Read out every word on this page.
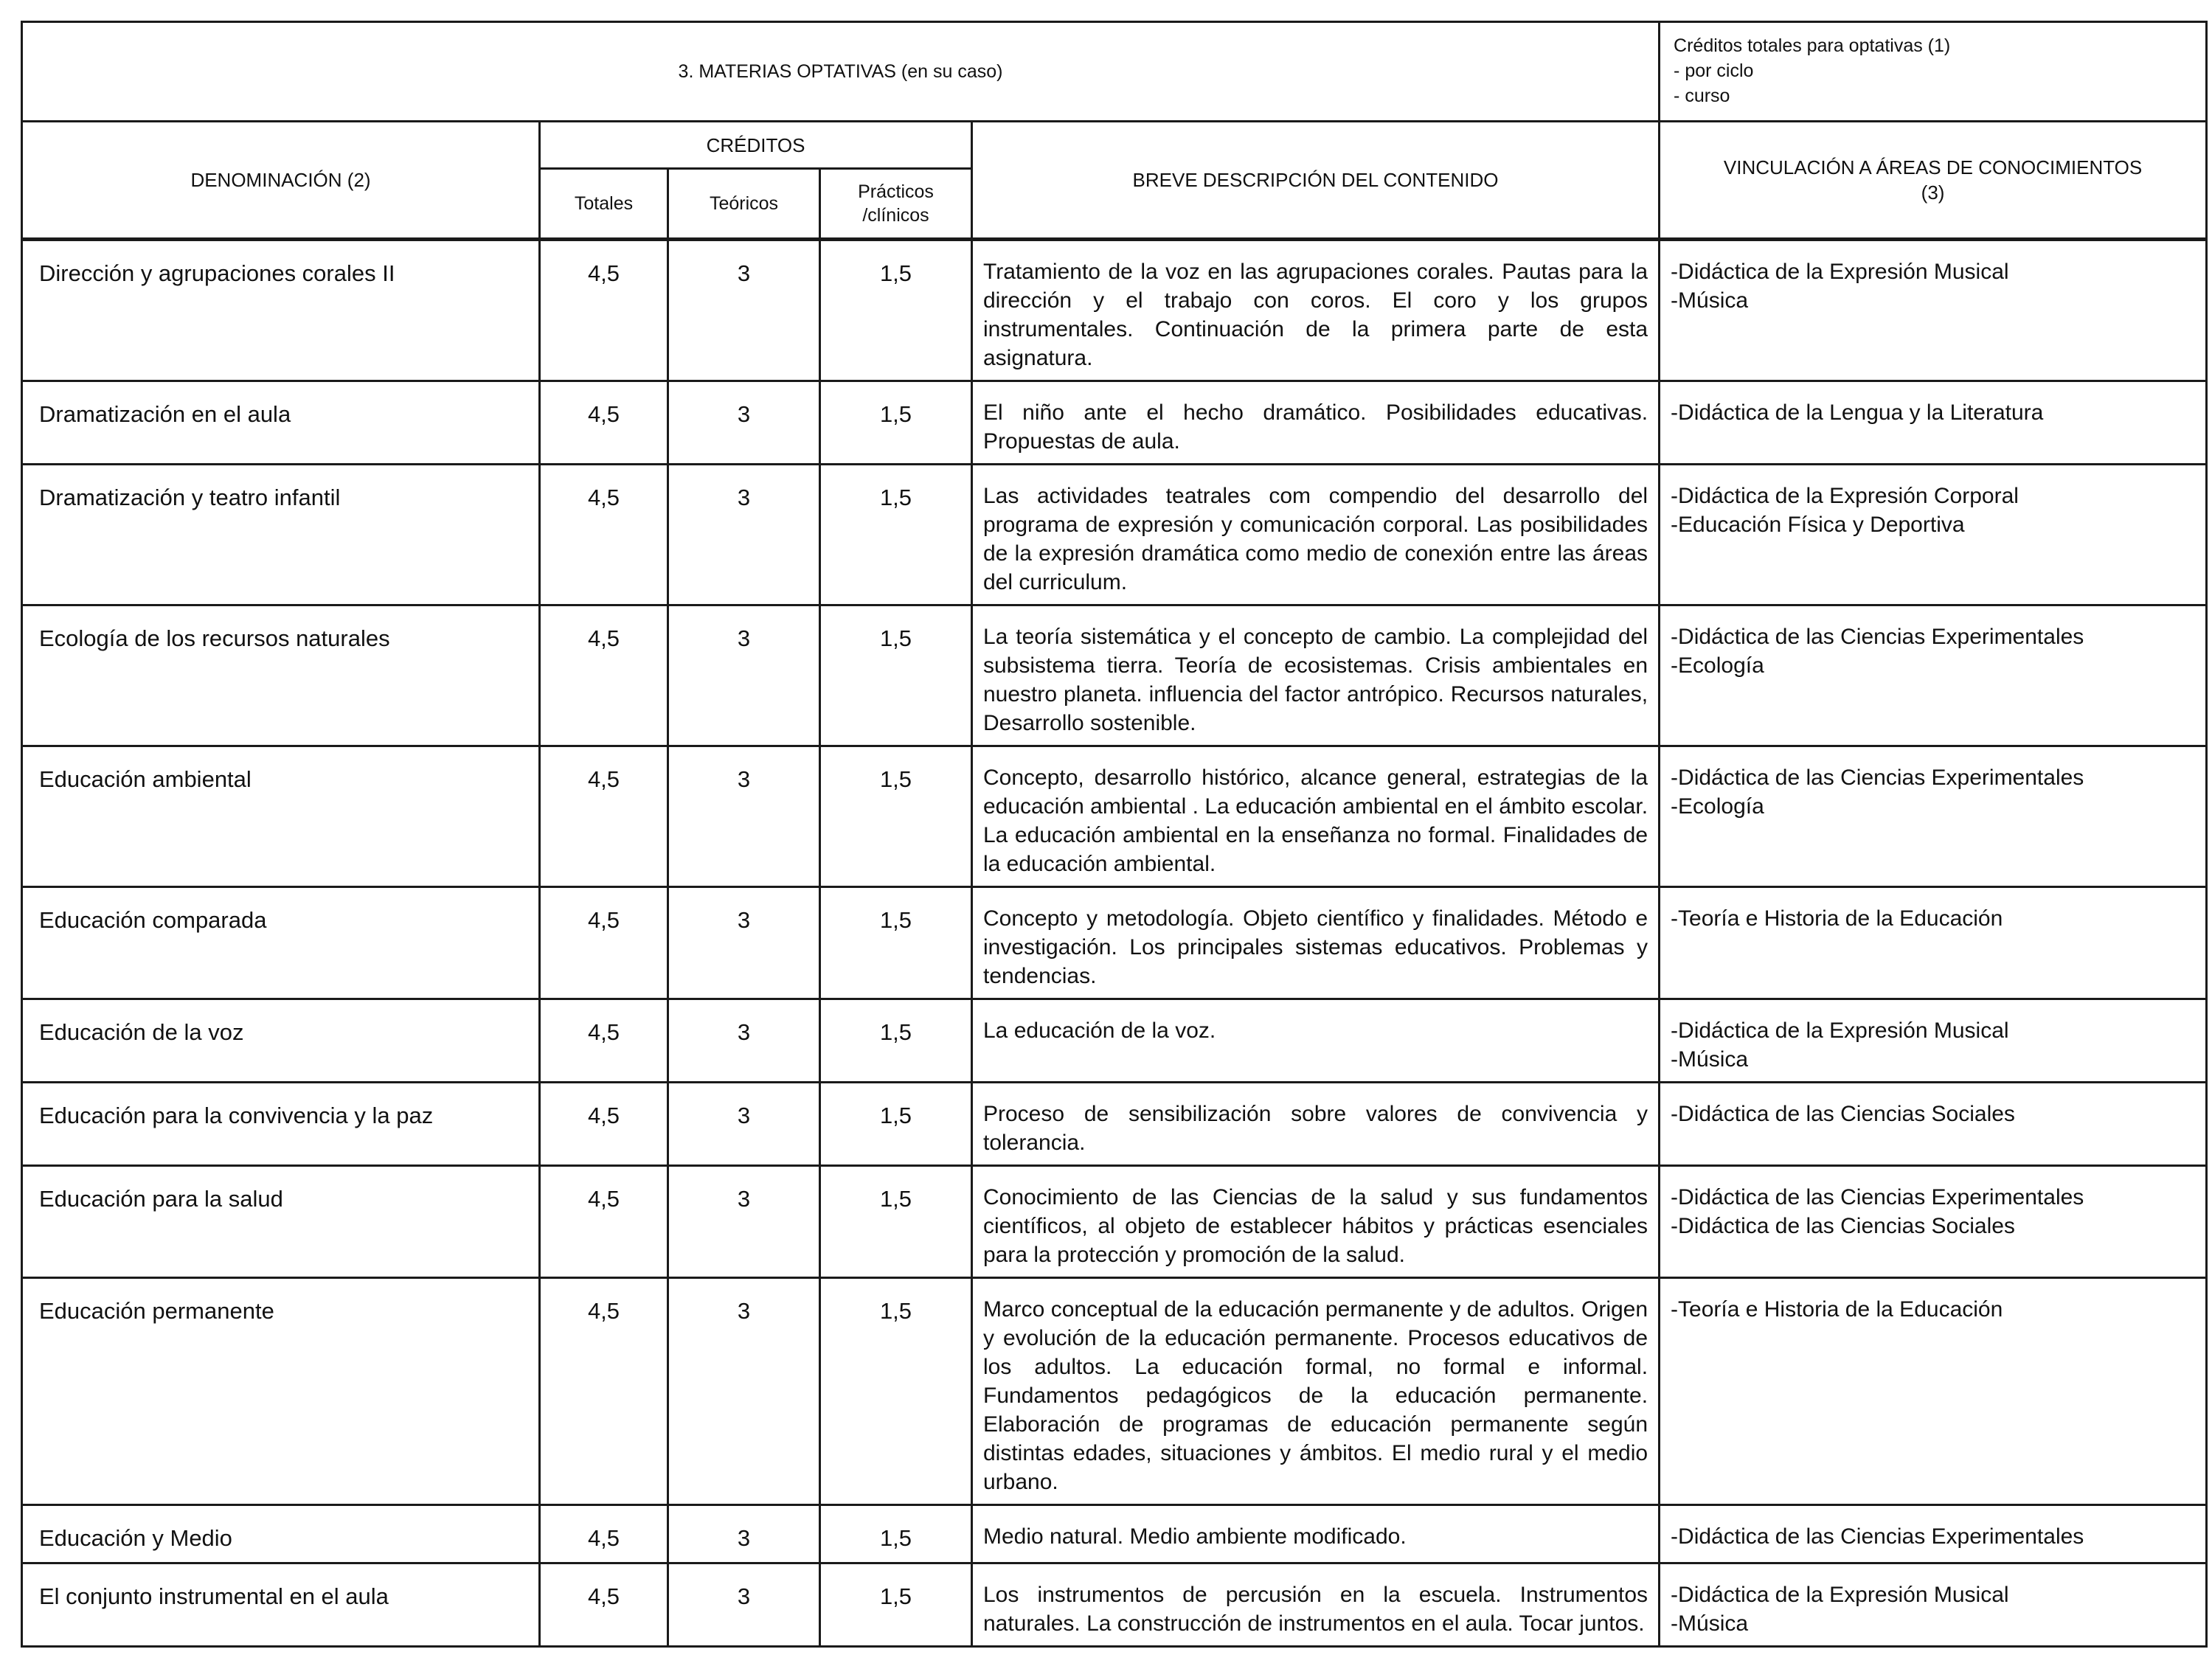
3. MATERIAS OPTATIVAS (en su caso)					Créditos totales para optativas (1)
- por ciclo
- curso

DENOMINACIÓN (2)	CRÉDITOS			BREVE DESCRIPCIÓN DEL CONTENIDO	VINCULACIÓN A ÁREAS DE CONOCIMIENTOS
(3)

	Totales	Teóricos	Prácticos
/clínicos		

Dirección y agrupaciones corales II	4,5	3	1,5	Tratamiento de la voz en las agrupaciones corales. Pautas para la dirección y el trabajo con coros. El coro y los grupos instrumentales. Continuación de la primera parte de esta asignatura.	-Didáctica de la Expresión Musical
-Música

Dramatización en el aula	4,5	3	1,5	El niño ante el hecho dramático. Posibilidades educativas. Propuestas de aula.	-Didáctica de la Lengua y la Literatura

Dramatización y teatro infantil	4,5	3	1,5	Las actividades teatrales com compendio del desarrollo del programa de expresión y comunicación corporal. Las posibilidades de la expresión dramática como medio de conexión entre las áreas del curriculum.	-Didáctica de la Expresión Corporal
-Educación Física y Deportiva

Ecología de los recursos naturales	4,5	3	1,5	La teoría sistemática y el concepto de cambio. La complejidad del subsistema tierra. Teoría de ecosistemas. Crisis ambientales en nuestro planeta. influencia del factor antrópico. Recursos naturales, Desarrollo sostenible.	-Didáctica de las Ciencias Experimentales
-Ecología

Educación ambiental	4,5	3	1,5	Concepto, desarrollo histórico, alcance general, estrategias de la educación ambiental . La educación ambiental en el ámbito escolar. La educación ambiental en la enseñanza no formal. Finalidades de la educación ambiental.	-Didáctica de las Ciencias Experimentales
-Ecología

Educación comparada	4,5	3	1,5	Concepto y metodología. Objeto científico y finalidades. Método e investigación. Los principales sistemas educativos. Problemas y tendencias.	-Teoría e Historia de la Educación

Educación de la voz	4,5	3	1,5	La educación de la voz.	-Didáctica de la Expresión Musical
-Música

Educación para la convivencia y la paz	4,5	3	1,5	Proceso de sensibilización sobre valores de convivencia y tolerancia.	-Didáctica de las Ciencias Sociales

Educación para la salud	4,5	3	1,5	Conocimiento de las Ciencias de la salud y sus fundamentos científicos, al objeto de establecer hábitos y prácticas esenciales para la protección y promoción de la salud.	-Didáctica de las Ciencias Experimentales
-Didáctica de las Ciencias Sociales

Educación permanente	4,5	3	1,5	Marco conceptual de la educación permanente y de adultos. Origen y evolución de la educación permanente. Procesos educativos de los adultos. La educación formal, no formal e informal. Fundamentos pedagógicos de la educación permanente. Elaboración de programas de educación permanente según distintas edades, situaciones y ámbitos. El medio rural y el medio urbano.	-Teoría e Historia de la Educación

Educación y Medio	4,5	3	1,5	Medio natural. Medio ambiente modificado.	-Didáctica de las Ciencias Experimentales

El conjunto instrumental en el aula	4,5	3	1,5	Los instrumentos de percusión en la escuela. Instrumentos naturales. La construcción de instrumentos en el aula. Tocar juntos.	-Didáctica de la Expresión Musical
-Música
